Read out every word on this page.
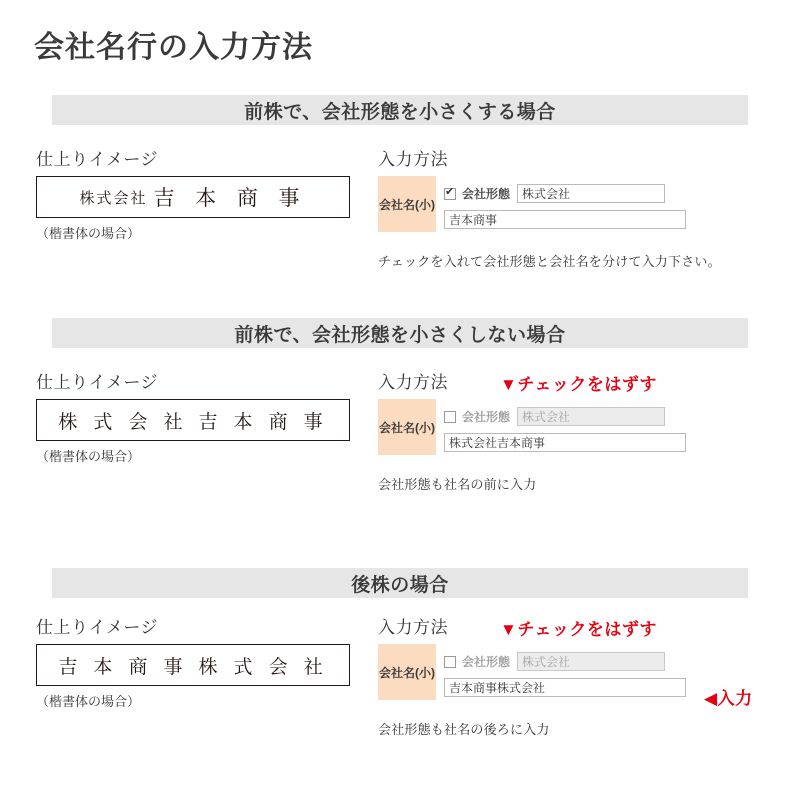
会社名行の入力方法
前株で、会社形態を小さくする場合
仕上りイメージ
株式会社 吉 本 商 事
（楷書体の場合）
入力方法
会社名(小)
✔
会社形態	株式会社
吉本商事
チェックを入れて会社形態と会社名を分けて入力下さい。
前株で、会社形態を小さくしない場合
仕上りイメージ
株 式 会 社 吉 本 商 事
（楷書体の場合）
入力方法
会社名(小)
会社形態	株式会社
株式会社吉本商事
会社形態も社名の前に入力
▼チェックをはずす
後株の場合
仕上りイメージ
吉 本 商 事 株 式 会 社
（楷書体の場合）
入力方法
会社名(小)
会社形態	株式会社
吉本商事株式会社
会社形態も社名の後ろに入力
▼チェックをはずす
◀入力
